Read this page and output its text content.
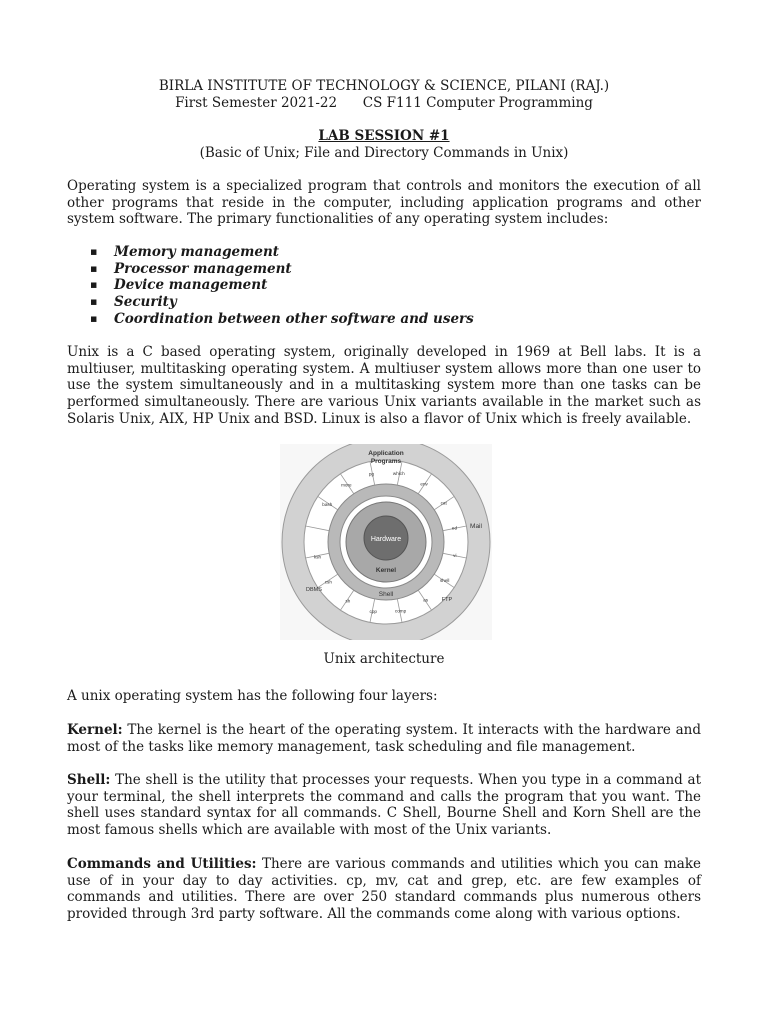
BIRLA INSTITUTE OF TECHNOLOGY & SCIENCE, PILANI (RAJ.)
First Semester 2021-22      CS F111 Computer Programming
LAB SESSION #1
(Basic of Unix; File and Directory Commands in Unix)
Operating system is a specialized program that controls and monitors the execution of all other programs that reside in the computer, including application programs and other system software. The primary functionalities of any operating system includes:
▪ Memory management
▪ Processor management
▪ Device management
▪ Security
▪ Coordination between other software and users
Unix is a C based operating system, originally developed in 1969 at Bell labs. It is a multiuser, multitasking operating system. A multiuser system allows more than one user to use the system simultaneously and in a multitasking system more than one tasks can be performed simultaneously. There are various Unix variants available in the market such as Solaris Unix, AIX, HP Unix and BSD. Linux is also a flavor of Unix which is freely available.
Hardware
Kernel
Shell
Application Programs
Mail
DBMS
FTP
bash
more
pg	which
env
cat
ed
vi
shell
as
comp
cpp
sh
csh
ksh
Unix architecture
A unix operating system has the following four layers:
Kernel: The kernel is the heart of the operating system. It interacts with the hardware and most of the tasks like memory management, task scheduling and file management.
Shell: The shell is the utility that processes your requests. When you type in a command at your terminal, the shell interprets the command and calls the program that you want. The shell uses standard syntax for all commands. C Shell, Bourne Shell and Korn Shell are the most famous shells which are available with most of the Unix variants.
Commands and Utilities: There are various commands and utilities which you can make use of in your day to day activities. cp, mv, cat and grep, etc. are few examples of commands and utilities. There are over 250 standard commands plus numerous others provided through 3rd party software. All the commands come along with various options.
